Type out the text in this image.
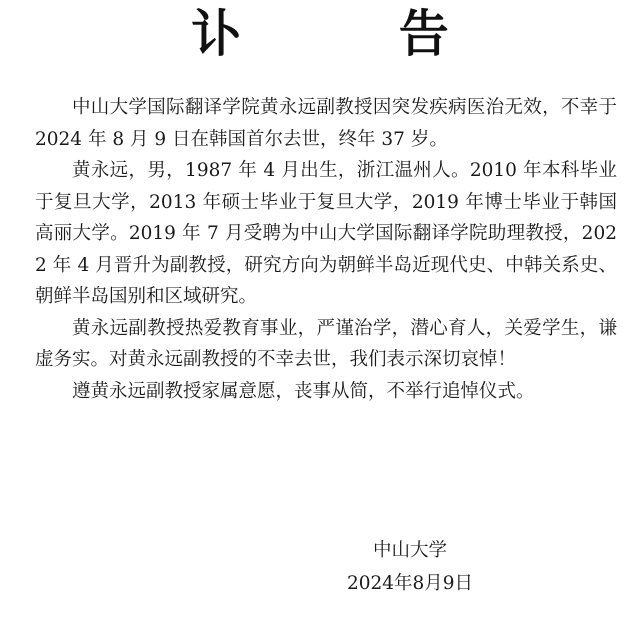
讣 告

中山大学国际翻译学院黄永远副教授因突发疾病医治无效，不幸于 2024 年 8 月 9 日在韩国首尔去世，终年 37 岁。

黄永远，男，1987 年 4 月出生，浙江温州人。2010 年本科毕业于复旦大学，2013 年硕士毕业于复旦大学，2019 年博士毕业于韩国高丽大学。2019 年 7 月受聘为中山大学国际翻译学院助理教授，2022 年 4 月晋升为副教授，研究方向为朝鲜半岛近现代史、中韩关系史、朝鲜半岛国别和区域研究。

黄永远副教授热爱教育事业，严谨治学，潜心育人，关爱学生，谦虚务实。对黄永远副教授的不幸去世，我们表示深切哀悼！

遵黄永远副教授家属意愿，丧事从简，不举行追悼仪式。

中山大学
2024年8月9日
